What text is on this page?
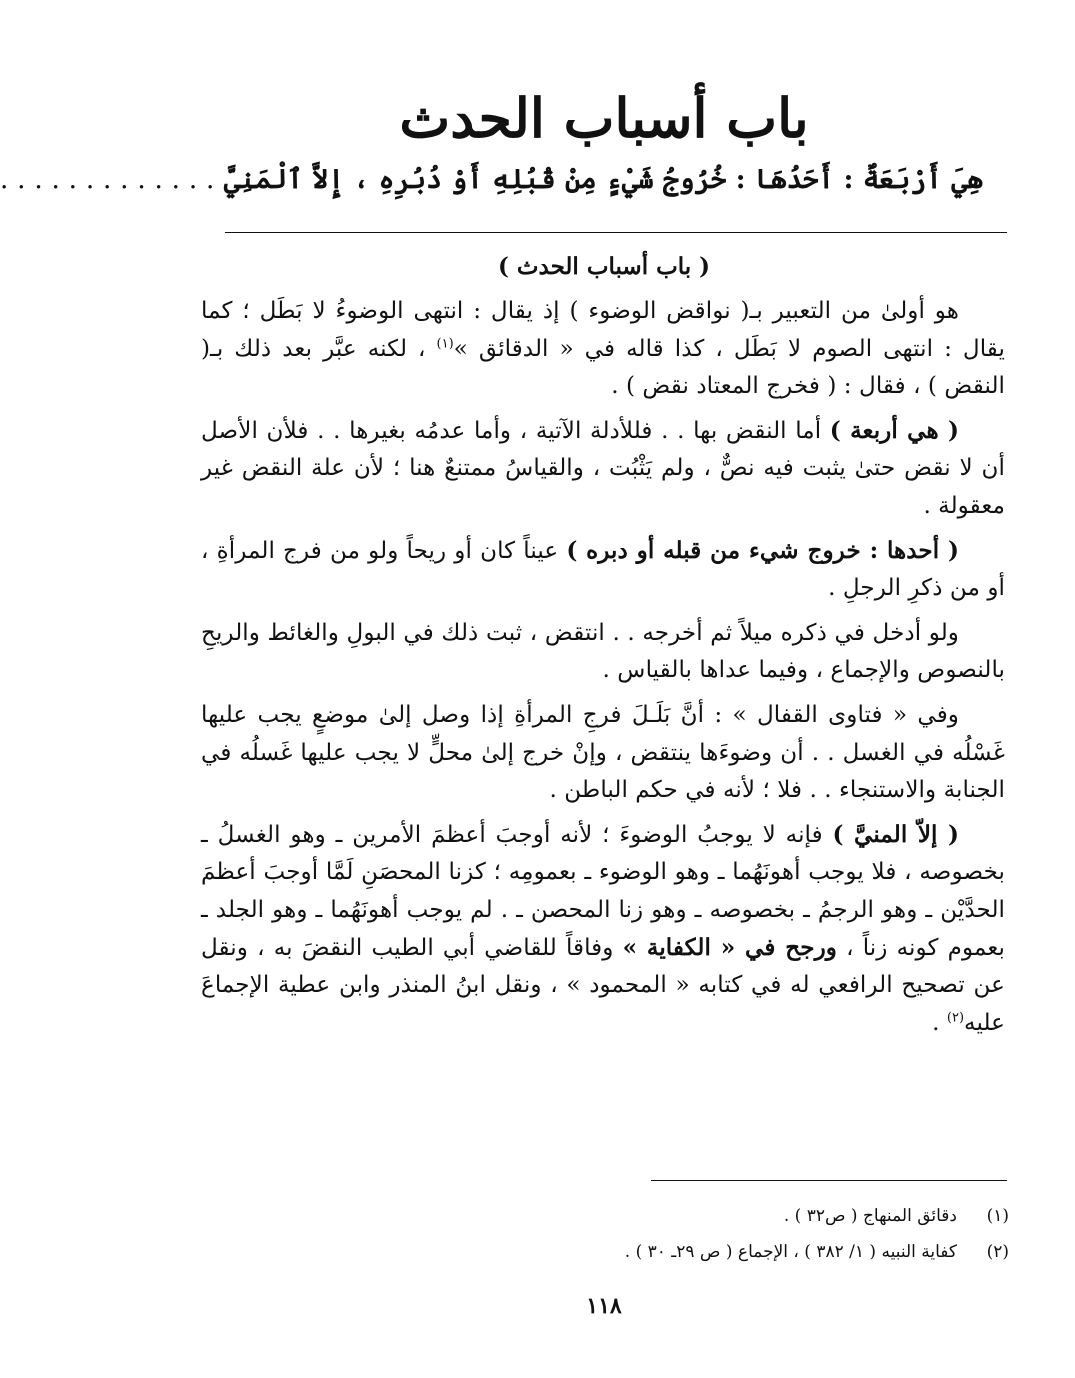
باب أسباب الحدث
هِيَ أَرْبَعَةٌ : أَحَدُهَا : خُرُوجُ شَيْءٍ مِنْ قُبُلِهِ أَوْ دُبُرِهِ ، إِلاَّ ٱلْمَنِيَّ . . . . . . . . . . . . .
( باب أسباب الحدث )

هو أولىٰ من التعبير بـ( نواقض الوضوء ) إذ يقال : انتهى الوضوءُ لا بَطَل ؛ كما يقال : انتهى الصوم لا بَطَل ، كذا قاله في « الدقائق »$^{(١)}$ ، لكنه عبَّر بعد ذلك بـ( النقض ) ، فقال : ( فخرج المعتاد نقض ) .

( هي أربعة ) أما النقض بها . . فللأدلة الآتية ، وأما عدمُه بغيرها . . فلأن الأصل أن لا نقض حتىٰ يثبت فيه نصٌّ ، ولم يَثْبُت ، والقياسُ ممتنعٌ هنا ؛ لأن علة النقض غير معقولة .

( أحدها : خروج شيء من قبله أو دبره ) عيناً كان أو ريحاً ولو من فرج المرأةِ ، أو من ذكرِ الرجلِ .

ولو أدخل في ذكره ميلاً ثم أخرجه . . انتقض ، ثبت ذلك في البولِ والغائط والريحِ بالنصوص والإجماع ، وفيما عداها بالقياس .

وفي « فتاوى القفال » : أنَّ بَلَـلَ فرجِ المرأةِ إذا وصل إلىٰ موضعٍ يجب عليها غَسْلُه في الغسل . . أن وضوءَها ينتقض ، وإنْ خرج إلىٰ محلٍّ لا يجب عليها غَسلُه في الجنابة والاستنجاء . . فلا ؛ لأنه في حكم الباطن .

( إلاّ المنيَّ ) فإنه لا يوجبُ الوضوءَ ؛ لأنه أوجبَ أعظمَ الأمرين ـ وهو الغسلُ ـ بخصوصه ، فلا يوجب أهونَهُما ـ وهو الوضوء ـ بعمومِه ؛ كزنا المحصَنِ لَمَّا أوجبَ أعظمَ الحدَّيْن ـ وهو الرجمُ ـ بخصوصه ـ وهو زنا المحصن ـ . لم يوجب أهونَهُما ـ وهو الجلد ـ بعموم كونه زناً ، ورجح في « الكفاية » وفاقاً للقاضي أبي الطيب النقضَ به ، ونقل عن تصحيح الرافعي له في كتابه « المحمود » ، ونقل ابنُ المنذر وابن عطية الإجماعَ عليه$^{(٢)}$ .

(١)دقائق المنهاج ( ص٣٢ ) .
(٢)كفاية النبيه ( ١/ ٣٨٢ ) ، الإجماع ( ص ٢٩ـ ٣٠ ) .
١١٨
